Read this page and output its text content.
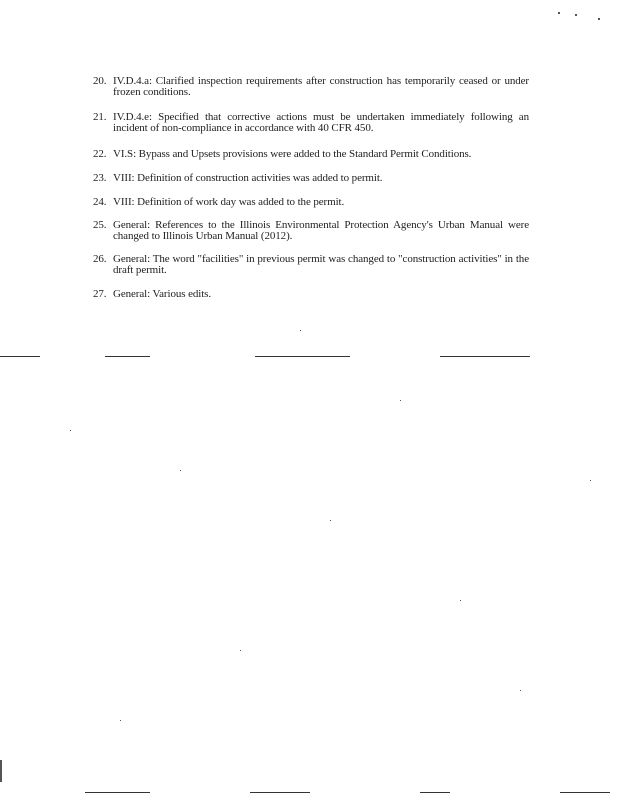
20. IV.D.4.a: Clarified inspection requirements after construction has temporarily ceased or under frozen conditions.
21. IV.D.4.e: Specified that corrective actions must be undertaken immediately following an incident of non-compliance in accordance with 40 CFR 450.
22. VI.S: Bypass and Upsets provisions were added to the Standard Permit Conditions.
23. VIII: Definition of construction activities was added to permit.
24. VIII: Definition of work day was added to the permit.
25. General: References to the Illinois Environmental Protection Agency's Urban Manual were changed to Illinois Urban Manual (2012).
26. General: The word "facilities" in previous permit was changed to "construction activities" in the draft permit.
27. General: Various edits.
